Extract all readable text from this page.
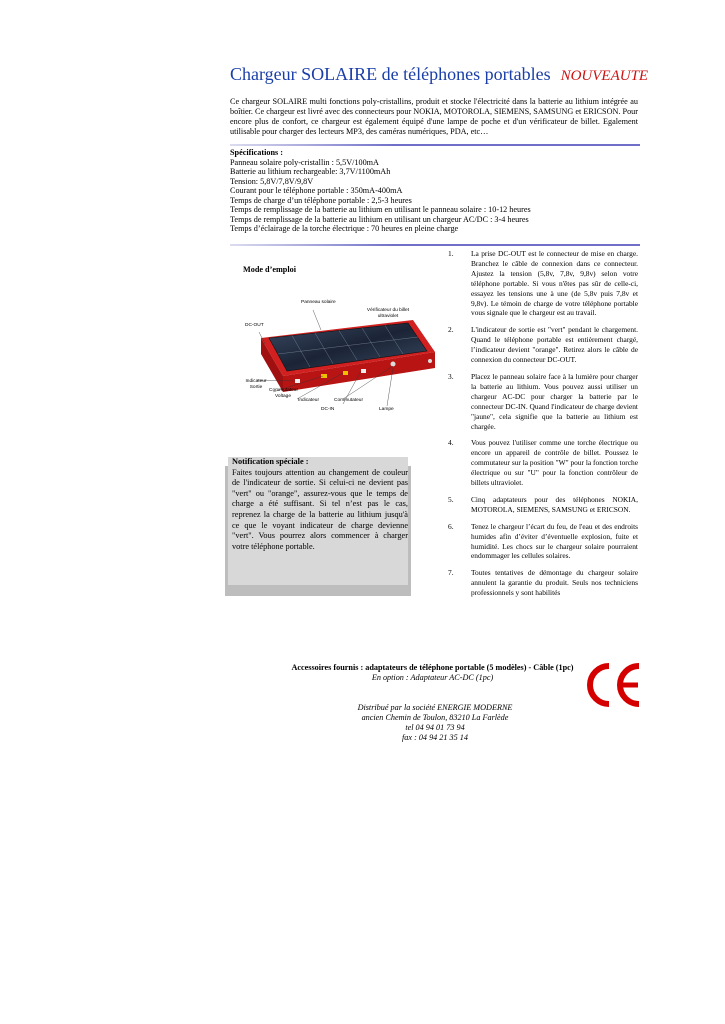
Chargeur SOLAIRE de téléphones portables NOUVEAUTE
Ce chargeur SOLAIRE multi fonctions poly-cristallins, produit et stocke l'électricité dans la batterie au lithium intégrée au boîtier. Ce chargeur est livré avec des connecteurs pour NOKIA, MOTOROLA, SIEMENS, SAMSUNG et ERICSON. Pour encore plus de confort, ce chargeur est également équipé d'une lampe de poche et d'un vérificateur de billet. Egalement utilisable pour charger des lecteurs MP3, des caméras numériques, PDA, etc…
Spécifications :
Panneau solaire poly-cristallin : 5,5V/100mA
Batterie au lithium rechargeable: 3,7V/1100mAh
Tension: 5,8V/7,8V/9,8V
Courant pour le téléphone portable : 350mA-400mA
Temps de charge d’un téléphone portable : 2,5-3 heures
Temps de remplissage de la batterie au lithium en utilisant le panneau solaire : 10-12 heures
Temps de remplissage de la batterie au lithium en utilisant un chargeur AC/DC : 3-4 heures
Temps d’éclairage de la torche électrique : 70 heures en pleine charge
Mode d’emploi
Panneau solaire
Vérificateur du billet ultraviolet
DC-OUT
Indicateur Sortie
Commutateur Voltage
Indicateur	Commutateur
DC-IN	Lampe
Notification spéciale :
Faites toujours attention au changement de couleur de l'indicateur de sortie. Si celui-ci ne devient pas "vert" ou "orange", assurez-vous que le temps de charge a été suffisant. Si tel n’est pas le cas, reprenez la charge de la batterie au lithium jusqu'à ce que le voyant indicateur de charge devienne "vert". Vous pourrez alors commencer à charger votre téléphone portable.
1.	La prise DC-OUT est le connecteur de mise en charge. Branchez le câble de connexion dans ce connecteur. Ajustez la tension (5,8v, 7,8v, 9,8v) selon votre téléphone portable. Si vous n'êtes pas sûr de celle-ci, essayez les tensions une à une (de 5,8v puis 7,8v et 9,8v). Le témoin de charge de votre téléphone portable vous signale que le chargeur est au travail.
2.	L'indicateur de sortie est "vert" pendant le chargement. Quand le téléphone portable est entièrement chargé, l’indicateur devient "orange". Retirez alors le câble de connexion du connecteur DC-OUT.
3.	Placez le panneau solaire face à la lumière pour charger la batterie au lithium. Vous pouvez aussi utiliser un chargeur AC-DC pour charger la batterie par le connecteur DC-IN. Quand l'indicateur de charge devient "jaune", cela signifie que la batterie au lithium est chargée.
4.	Vous pouvez l'utiliser comme une torche électrique ou encore un appareil de contrôle de billet. Poussez le commutateur sur la position "W" pour la fonction torche électrique ou sur "U" pour la fonction contrôleur de billets ultraviolet.
5.	Cinq adaptateurs pour des téléphones NOKIA, MOTOROLA, SIEMENS, SAMSUNG et ERICSON.
6.	Tenez le chargeur l’écart du feu, de l'eau et des endroits humides afin d’éviter d’éventuelle explosion, fuite et humidité. Les chocs sur le chargeur solaire pourraient endommager les cellules solaires.
7.	Toutes tentatives de démontage du chargeur solaire annulent la garantie du produit. Seuls nos techniciens professionnels y sont habilités
Accessoires fournis : adaptateurs de téléphone portable (5 modèles) - Câble (1pc)
En option : Adaptateur AC-DC (1pc)
Distribué par la société ENERGIE MODERNE
ancien Chemin de Toulon, 83210 La Farlède
tel 04 94 01 73 94
fax : 04 94 21 35 14
